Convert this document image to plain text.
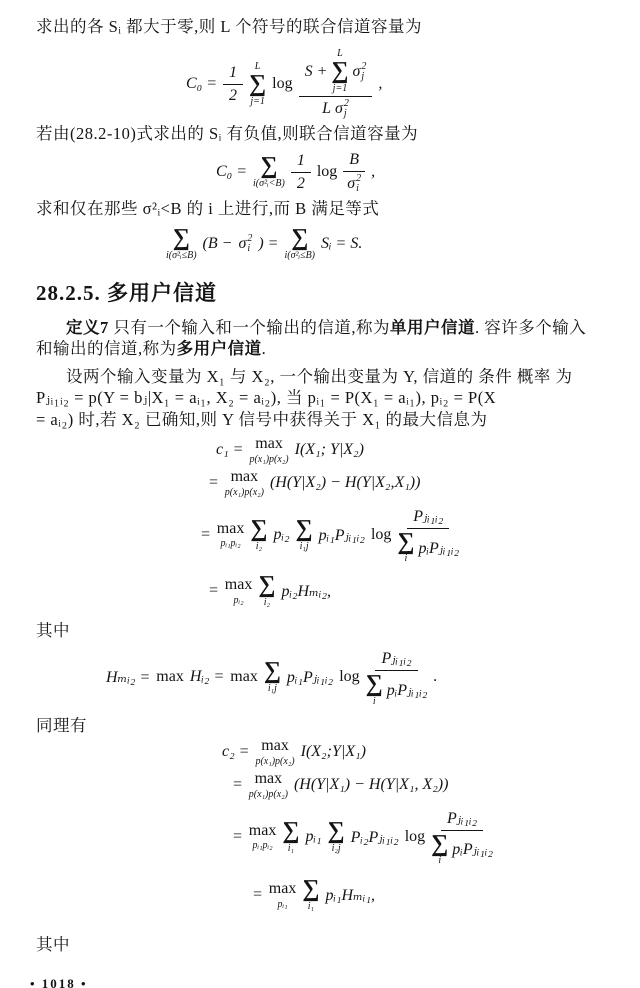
求出的各 Sᵢ 都大于零,则 L 个符号的联合信道容量为
$C_0 = \frac{1}{2}$ L
∑
j=1
log
S +
L
∑
j=1
σ 2
j
L σ 2
j
,
若由(28.2-10)式求出的 Sᵢ 有负值,则联合信道容量为
C₀ = ∑
i(σ²ᵢ<B) $\frac{1}{2}$ log B
σ 2
i ,
求和仅在那些 σ²ᵢ<B 的 i 上进行,而 B 满足等式
∑
i(σ²ᵢ≤B)
(B − σ 2
i ) = ∑
i(σ²ᵢ≤B)
Sᵢ = S.
28.2.5. 多用户信道
定义7 只有一个输入和一个输出的信道,称为单用户信道. 容许多个输入
和输出的信道,称为多用户信道.
设两个输入变量为 X₁ 与 X₂, 一个输出变量为 Y, 信道的 条件 概率 为
Pⱼᵢ₁ᵢ₂ = p(Y = bⱼ|X₁ = aᵢ₁, X₂ = aᵢ₂), 当 pᵢ₁ = P(X₁ = aᵢ₁), pᵢ₂ = P(X
= aᵢ₂) 时,若 X₂ 已确知,则 Y 信号中获得关于 X₁ 的最大信息为
c₁ = max
p(x₁)p(x₂)
I(X₁; Y|X₂)
= max
p(x₁)p(x₂)
(H(Y|X₂) − H(Y|X₂,X₁))
= max
pᵢ₁pᵢ₂
∑
i₂
pᵢ₂ ∑
i₁j
pᵢ₁Pⱼᵢ₁ᵢ₂ log Pⱼᵢ₁ᵢ₂
∑
i
pᵢPⱼᵢ₁ᵢ₂
= max
pᵢ₂
∑
i₂
pᵢ₂Hₘᵢ₂,
其中
Hₘᵢ₂ = max Hᵢ₂ = max ∑
i₁j
pᵢ₁Pⱼᵢ₁ᵢ₂ log Pⱼᵢ₁ᵢ₂
∑
i
pᵢPⱼᵢ₁ᵢ₂ .
同理有
c₂ = max
p(x₁)p(x₂)
I(X₂;Y|X₁)
= max
p(x₁)p(x₂)
(H(Y|X₁) − H(Y|X₁, X₂))
= max
pᵢ₁pᵢ₂
∑
i₁
pᵢ₁ ∑
i₂j
Pᵢ₂Pⱼᵢ₁ᵢ₂ log Pⱼᵢ₁ᵢ₂
∑
i
pᵢPⱼᵢ₁ᵢ₂
= max
pᵢ₁
∑
i₁
pᵢ₁Hₘᵢ₁,
其中
• 1018 •
